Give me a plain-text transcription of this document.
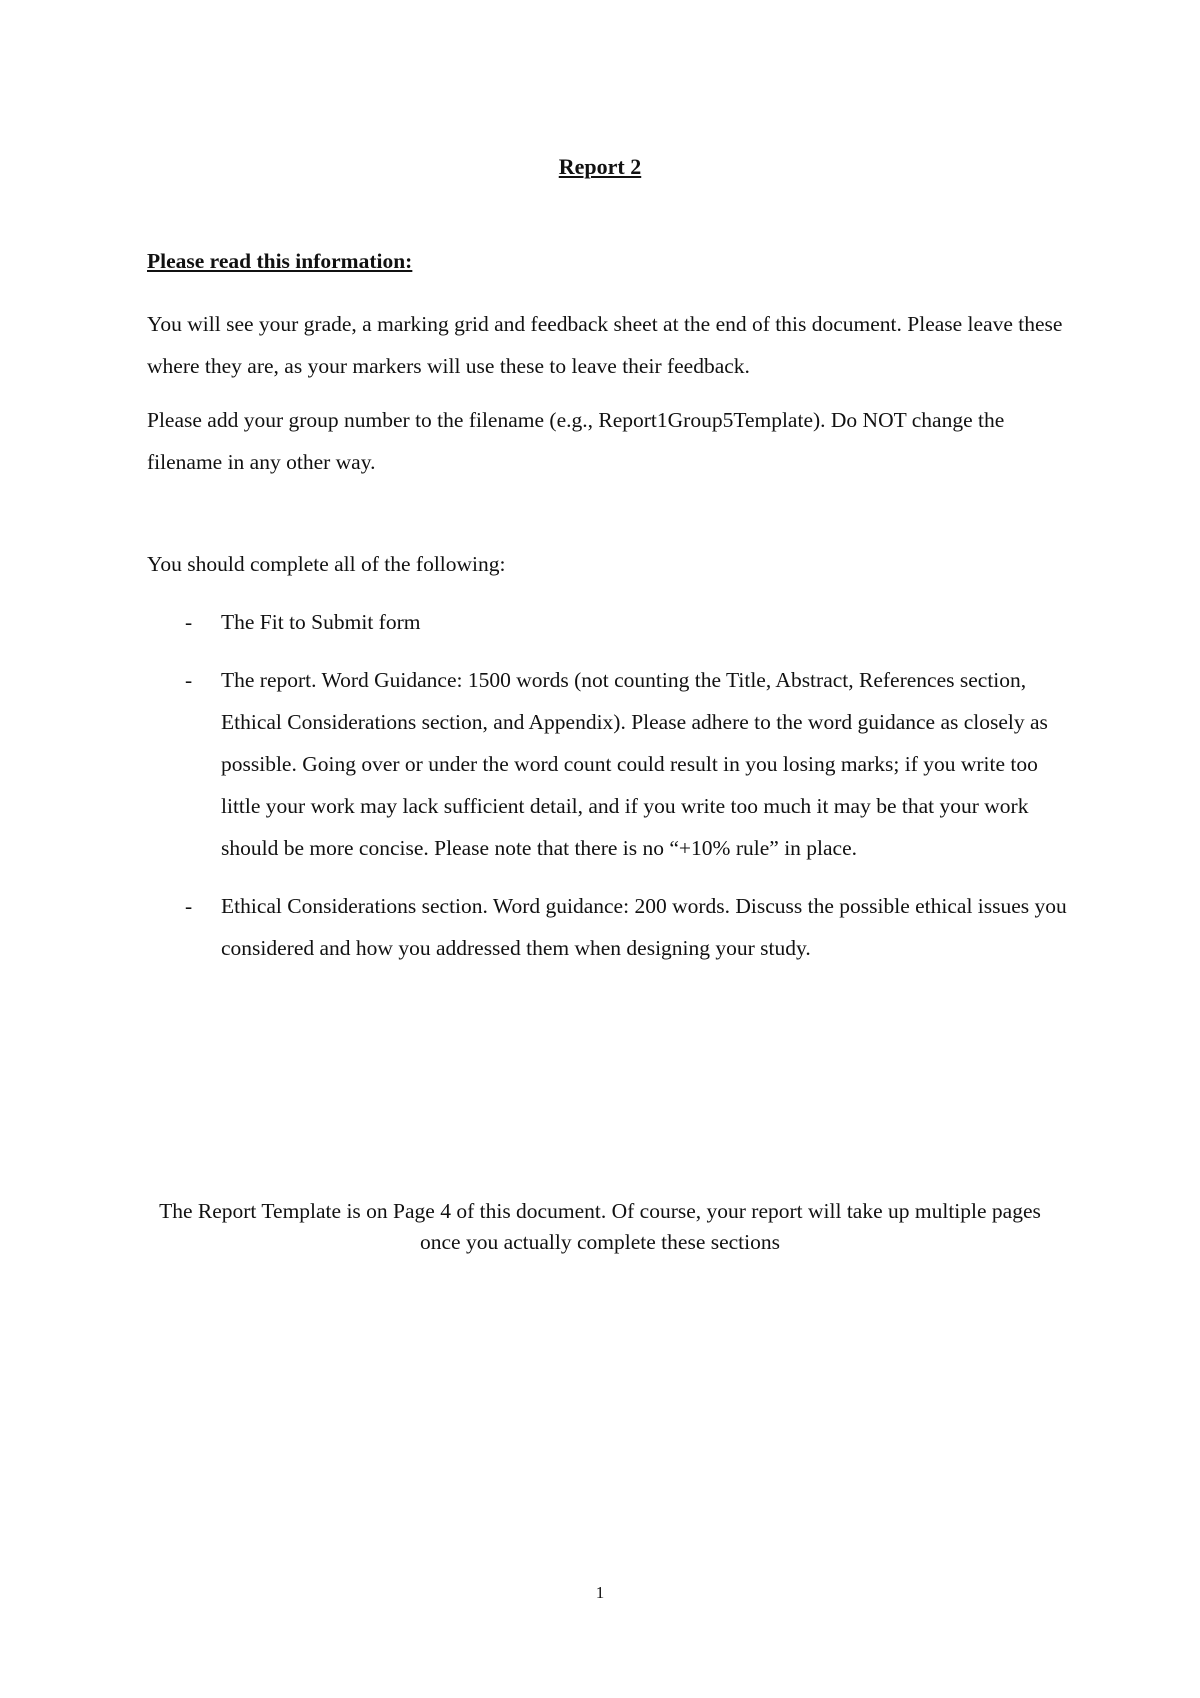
Report 2
Please read this information:

You will see your grade, a marking grid and feedback sheet at the end of this document. Please leave these where they are, as your markers will use these to leave their feedback.

Please add your group number to the filename (e.g., Report1Group5Template). Do NOT change the filename in any other way.

You should complete all of the following:

- The Fit to Submit form
- The report. Word Guidance: 1500 words (not counting the Title, Abstract, References section, Ethical Considerations section, and Appendix). Please adhere to the word guidance as closely as possible. Going over or under the word count could result in you losing marks; if you write too little your work may lack sufficient detail, and if you write too much it may be that your work should be more concise. Please note that there is no “+10% rule” in place.
- Ethical Considerations section. Word guidance: 200 words. Discuss the possible ethical issues you considered and how you addressed them when designing your study.
The Report Template is on Page 4 of this document. Of course, your report will take up multiple pages once you actually complete these sections
1
